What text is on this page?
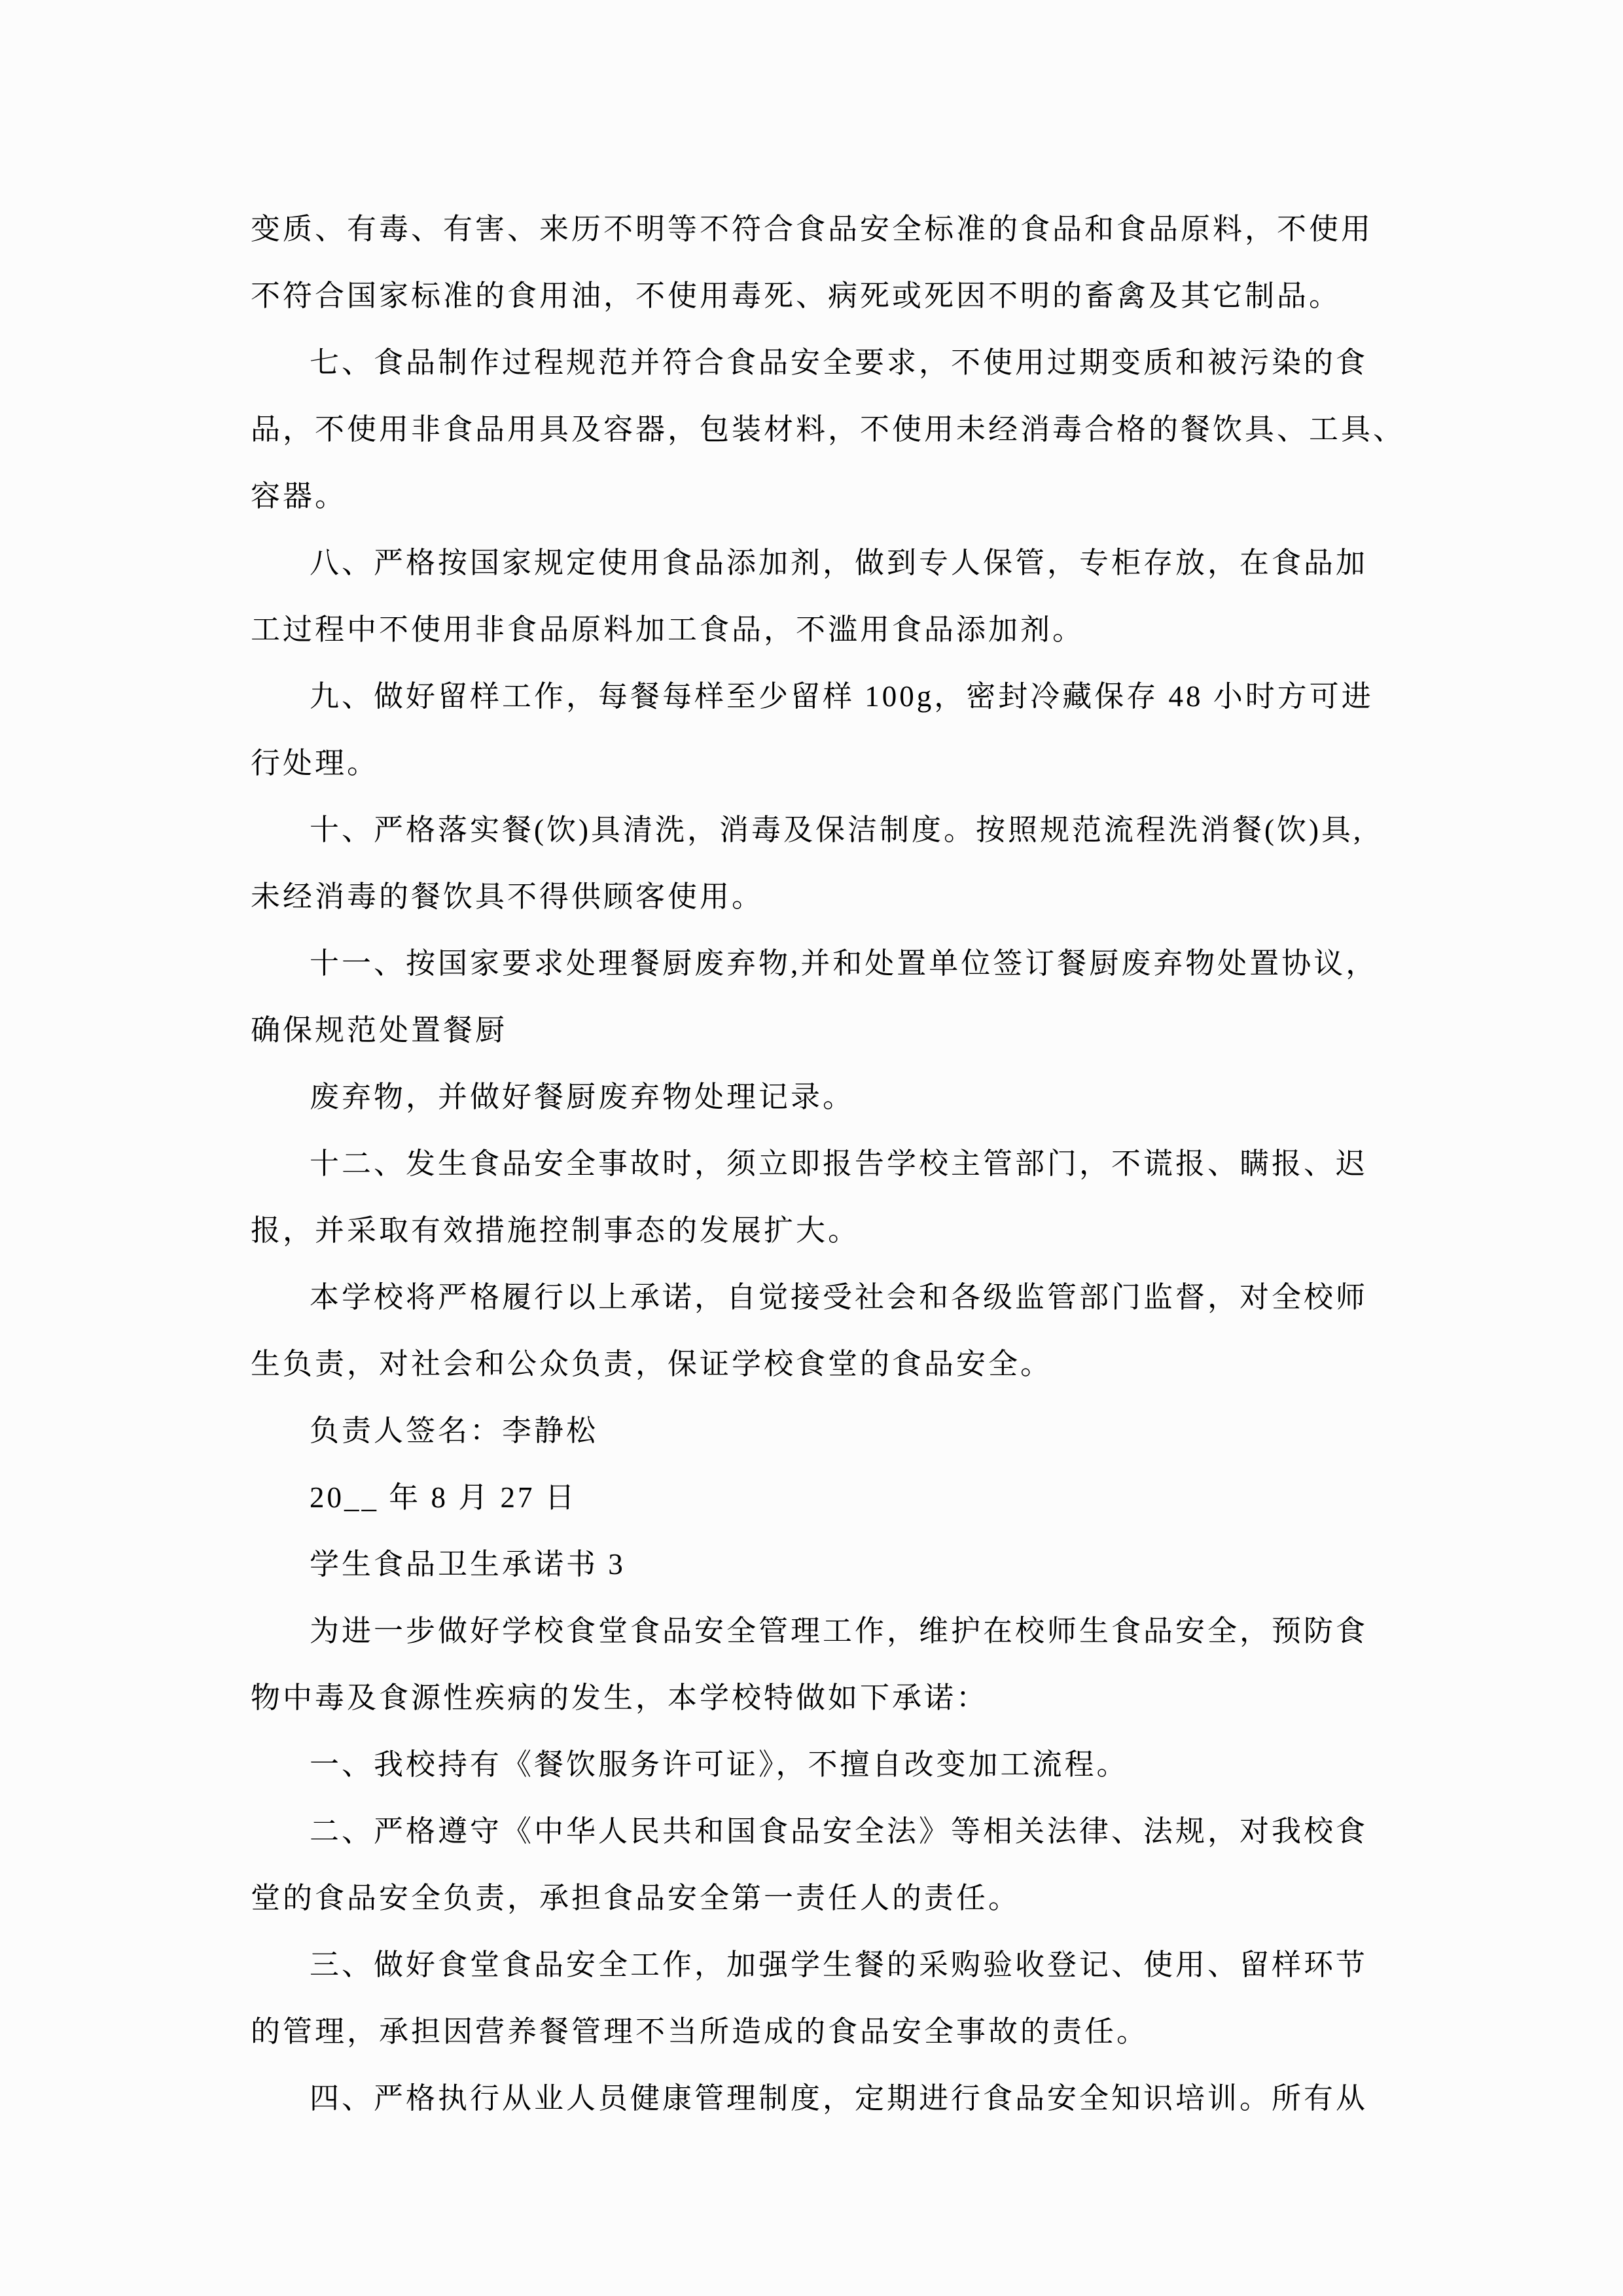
变质、有毒、有害、来历不明等不符合食品安全标准的食品和食品原料，不使用
不符合国家标准的食用油，不使用毒死、病死或死因不明的畜禽及其它制品。
七、食品制作过程规范并符合食品安全要求，不使用过期变质和被污染的食
品，不使用非食品用具及容器，包装材料，不使用未经消毒合格的餐饮具、工具、
容器。
八、严格按国家规定使用食品添加剂，做到专人保管，专柜存放，在食品加
工过程中不使用非食品原料加工食品，不滥用食品添加剂。
九、做好留样工作，每餐每样至少留样 100g，密封冷藏保存 48 小时方可进
行处理。
十、严格落实餐(饮)具清洗，消毒及保洁制度。按照规范流程洗消餐(饮)具,
未经消毒的餐饮具不得供顾客使用。
十一、按国家要求处理餐厨废弃物,并和处置单位签订餐厨废弃物处置协议，
确保规范处置餐厨
废弃物，并做好餐厨废弃物处理记录。
十二、发生食品安全事故时，须立即报告学校主管部门，不谎报、瞒报、迟
报，并采取有效措施控制事态的发展扩大。
本学校将严格履行以上承诺，自觉接受社会和各级监管部门监督，对全校师
生负责，对社会和公众负责，保证学校食堂的食品安全。
负责人签名：李静松
20__ 年 8 月 27 日
学生食品卫生承诺书 3
为进一步做好学校食堂食品安全管理工作，维护在校师生食品安全，预防食
物中毒及食源性疾病的发生，本学校特做如下承诺：
一、我校持有《餐饮服务许可证》，不擅自改变加工流程。
二、严格遵守《中华人民共和国食品安全法》等相关法律、法规，对我校食
堂的食品安全负责，承担食品安全第一责任人的责任。
三、做好食堂食品安全工作，加强学生餐的采购验收登记、使用、留样环节
的管理，承担因营养餐管理不当所造成的食品安全事故的责任。
四、严格执行从业人员健康管理制度，定期进行食品安全知识培训。所有从
